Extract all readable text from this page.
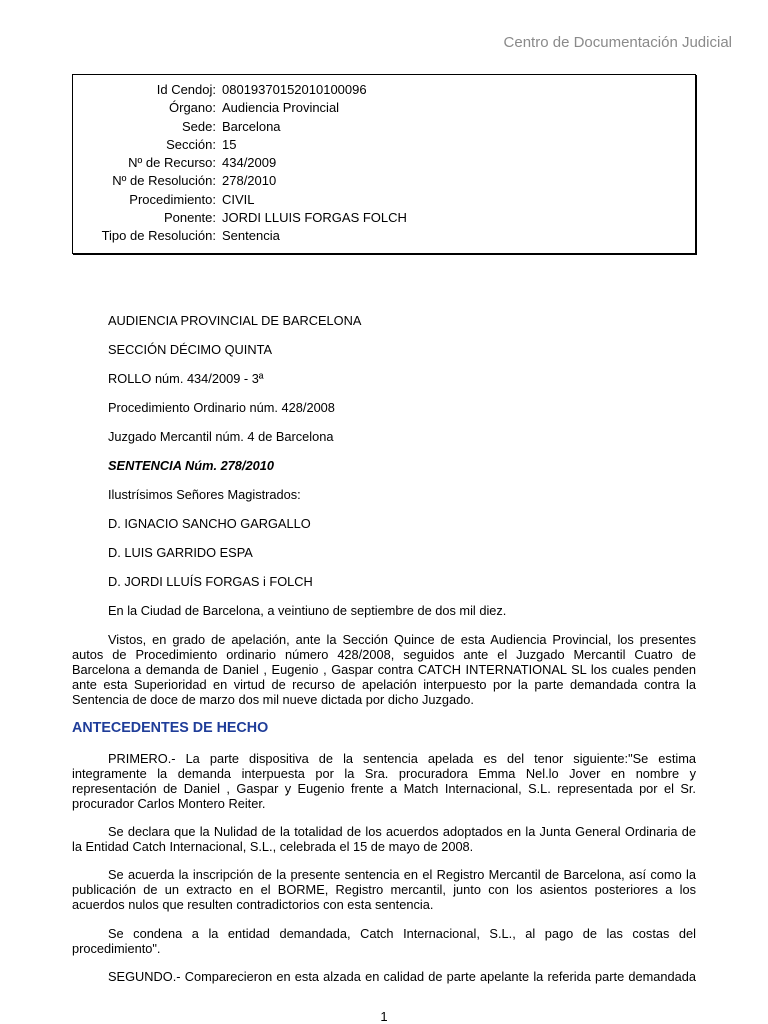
Centro de Documentación Judicial
Id Cendoj: 08019370152010100096
Órgano: Audiencia Provincial
Sede: Barcelona
Sección: 15
Nº de Recurso: 434/2009
Nº de Resolución: 278/2010
Procedimiento: CIVIL
Ponente: JORDI LLUIS FORGAS FOLCH
Tipo de Resolución: Sentencia
AUDIENCIA PROVINCIAL DE BARCELONA
SECCIÓN DÉCIMO QUINTA
ROLLO núm. 434/2009 - 3ª
Procedimiento Ordinario núm. 428/2008
Juzgado Mercantil núm. 4 de Barcelona
SENTENCIA Núm. 278/2010
Ilustrísimos Señores Magistrados:
D. IGNACIO SANCHO GARGALLO
D. LUIS GARRIDO ESPA
D. JORDI LLUÍS FORGAS i FOLCH
En la Ciudad de Barcelona, a veintiuno de septiembre de dos mil diez.
Vistos, en grado de apelación, ante la Sección Quince de esta Audiencia Provincial, los presentes
autos de Procedimiento ordinario número 428/2008, seguidos ante el Juzgado Mercantil Cuatro de
Barcelona a demanda de Daniel , Eugenio , Gaspar contra CATCH INTERNATIONAL SL los cuales penden
ante esta Superioridad en virtud de recurso de apelación interpuesto por la parte demandada contra la
Sentencia de doce de marzo dos mil nueve dictada por dicho Juzgado.
ANTECEDENTES DE HECHO
PRIMERO.- La parte dispositiva de la sentencia apelada es del tenor siguiente:"Se estima
integramente la demanda interpuesta por la Sra. procuradora Emma Nel.lo Jover en nombre y
representación de Daniel , Gaspar y Eugenio frente a Match Internacional, S.L. representada por el Sr.
procurador Carlos Montero Reiter.
Se declara que la Nulidad de la totalidad de los acuerdos adoptados en la Junta General Ordinaria de
la Entidad Catch Internacional, S.L., celebrada el 15 de mayo de 2008.
Se acuerda la inscripción de la presente sentencia en el Registro Mercantil de Barcelona, así como la
publicación de un extracto en el BORME, Registro mercantil, junto con los asientos posteriores a los
acuerdos nulos que resulten contradictorios con esta sentencia.
Se condena a la entidad demandada, Catch Internacional, S.L., al pago de las costas del
procedimiento".
SEGUNDO.- Comparecieron en esta alzada en calidad de parte apelante la referida parte demandada
1
